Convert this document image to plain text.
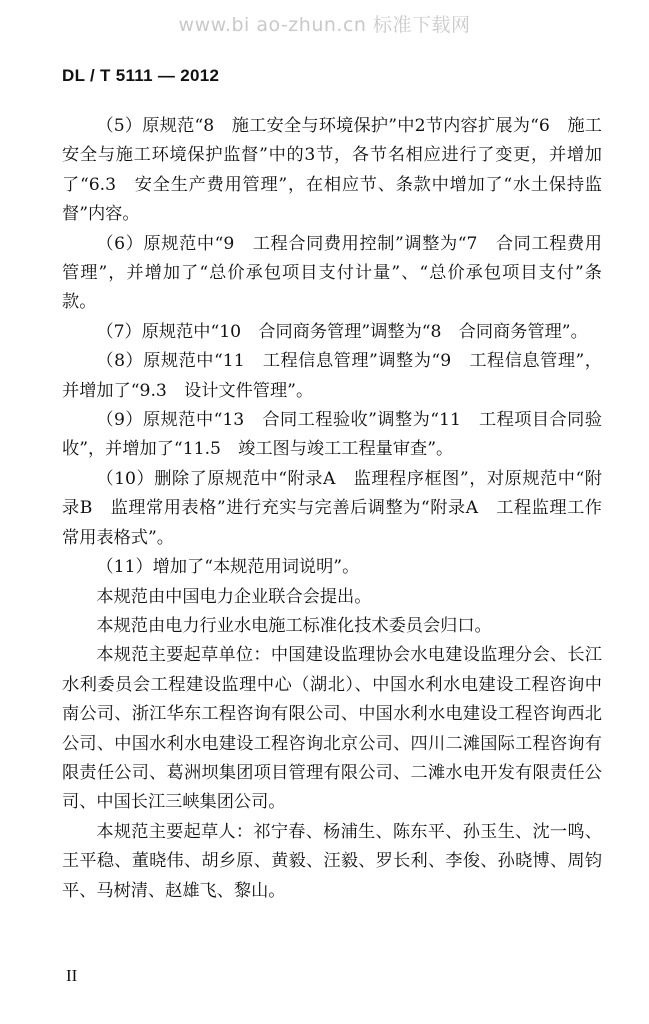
www.bi ao-zhun.cn 标准下载网
DL / T 5111 — 2012

（5）原规范“8　施工安全与环境保护”中2节内容扩展为“6　施工安全与施工环境保护监督”中的3节，各节名相应进行了变更，并增加了“6.3　安全生产费用管理”，在相应节、条款中增加了“水土保持监督”内容。

（6）原规范中“9　工程合同费用控制”调整为“7　合同工程费用管理”，并增加了“总价承包项目支付计量”、“总价承包项目支付”条款。

（7）原规范中“10　合同商务管理”调整为“8　合同商务管理”。

（8）原规范中“11　工程信息管理”调整为“9　工程信息管理”，并增加了“9.3　设计文件管理”。

（9）原规范中“13　合同工程验收”调整为“11　工程项目合同验收”，并增加了“11.5　竣工图与竣工工程量审查”。

（10）删除了原规范中“附录A　监理程序框图”，对原规范中“附录B　监理常用表格”进行充实与完善后调整为“附录A　工程监理工作常用表格式”。

（11）增加了“本规范用词说明”。

本规范由中国电力企业联合会提出。

本规范由电力行业水电施工标准化技术委员会归口。

本规范主要起草单位：中国建设监理协会水电建设监理分会、长江水利委员会工程建设监理中心（湖北）、中国水利水电建设工程咨询中南公司、浙江华东工程咨询有限公司、中国水利水电建设工程咨询西北公司、中国水利水电建设工程咨询北京公司、四川二滩国际工程咨询有限责任公司、葛洲坝集团项目管理有限公司、二滩水电开发有限责任公司、中国长江三峡集团公司。

本规范主要起草人：祁宁春、杨浦生、陈东平、孙玉生、沈一鸣、王平稳、董晓伟、胡乡原、黄毅、汪毅、罗长利、李俊、孙晓博、周钧平、马树清、赵雄飞、黎山。

II
